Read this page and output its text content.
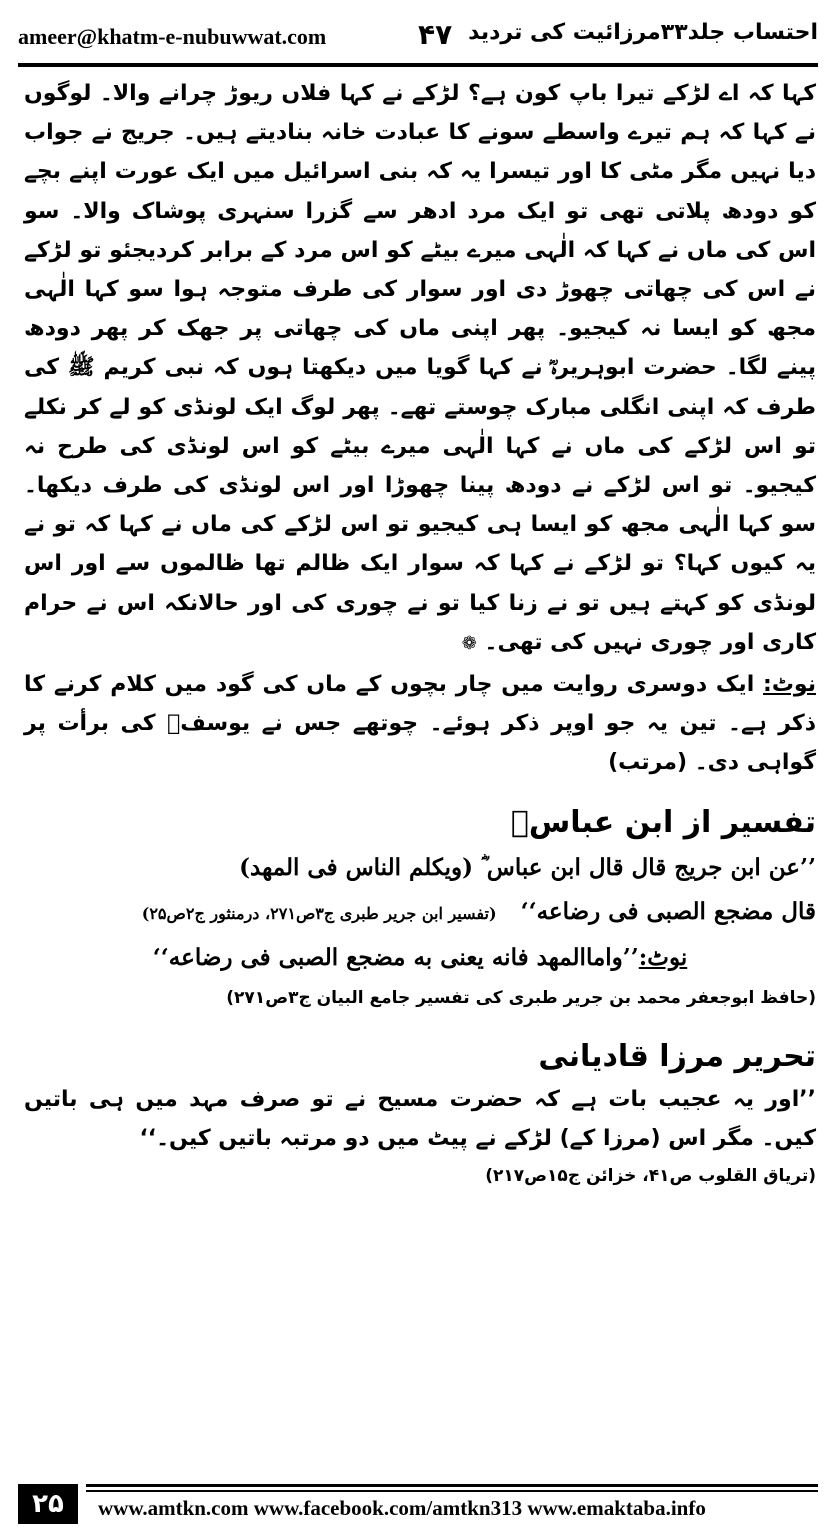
ameer@khatm-e-nubuwwat.com	۴۷ احتساب جلد۳۳مرزائیت کی تردید

کہا کہ اے لڑکے تیرا باپ کون ہے؟ لڑکے نے کہا فلاں ریوڑ چرانے والا۔ لوگوں نے کہا کہ ہم تیرے واسطے سونے کا عبادت خانہ بنادیتے ہیں۔ جریج نے جواب دیا نہیں مگر مٹی کا اور تیسرا یہ کہ بنی اسرائیل میں ایک عورت اپنے بچے کو دودھ پلاتی تھی تو ایک مرد ادھر سے گزرا سنہری پوشاک والا۔ سو اس کی ماں نے کہا کہ الٰہی میرے بیٹے کو اس مرد کے برابر کردیجئو تو لڑکے نے اس کی چھاتی چھوڑ دی اور سوار کی طرف متوجہ ہوا سو کہا الٰہی مجھ کو ایسا نہ کیجیو۔ پھر اپنی ماں کی چھاتی پر جھک کر پھر دودھ پینے لگا۔ حضرت ابوہریرہؓ نے کہا گویا میں دیکھتا ہوں کہ نبی کریم ﷺ کی طرف کہ اپنی انگلی مبارک چوستے تھے۔ پھر لوگ ایک لونڈی کو لے کر نکلے تو اس لڑکے کی ماں نے کہا الٰہی میرے بیٹے کو اس لونڈی کی طرح نہ کیجیو۔ تو اس لڑکے نے دودھ پینا چھوڑا اور اس لونڈی کی طرف دیکھا۔ سو کہا الٰہی مجھ کو ایسا ہی کیجیو تو اس لڑکے کی ماں نے کہا کہ تو نے یہ کیوں کہا؟ تو لڑکے نے کہا کہ سوار ایک ظالم تھا ظالموں سے اور اس لونڈی کو کہتے ہیں تو نے زنا کیا تو نے چوری کی اور حالانکہ اس نے حرام کاری اور چوری نہیں کی تھی۔ ❁

نوٹ: ایک دوسری روایت میں چار بچوں کے ماں کی گود میں کلام کرنے کا ذکر ہے۔ تین یہ جو اوپر ذکر ہوئے۔ چوتھے جس نے یوسفؑ کی برأت پر گواہی دی۔ (مرتب)

تفسیر از ابن عباسؓ
’’عن ابن جریج قال قال ابن عباس ؓ (ویکلم الناس فی المهد)
قال مضجع الصبی فی رضاعه‘‘   (تفسیر ابن جریر طبری ج۳ص۲۷۱، درمنثور ج۲ص۲۵)
نوٹ:’’واماالمهد فانه یعنی به مضجع الصبی فی رضاعه‘‘
(حافظ ابوجعفر محمد بن جریر طبری کی تفسیر جامع البیان ج۳ص۲۷۱)
تحریر مرزا قادیانی

’’اور یہ عجیب بات ہے کہ حضرت مسیح نے تو صرف مہد میں ہی باتیں کیں۔ مگر اس (مرزا کے) لڑکے نے پیٹ میں دو مرتبہ باتیں کیں۔‘‘

(تریاق القلوب ص۴۱، خزائن ج۱۵ص۲۱۷)
۲۵	www.amtkn.com www.facebook.com/amtkn313 www.emaktaba.info
